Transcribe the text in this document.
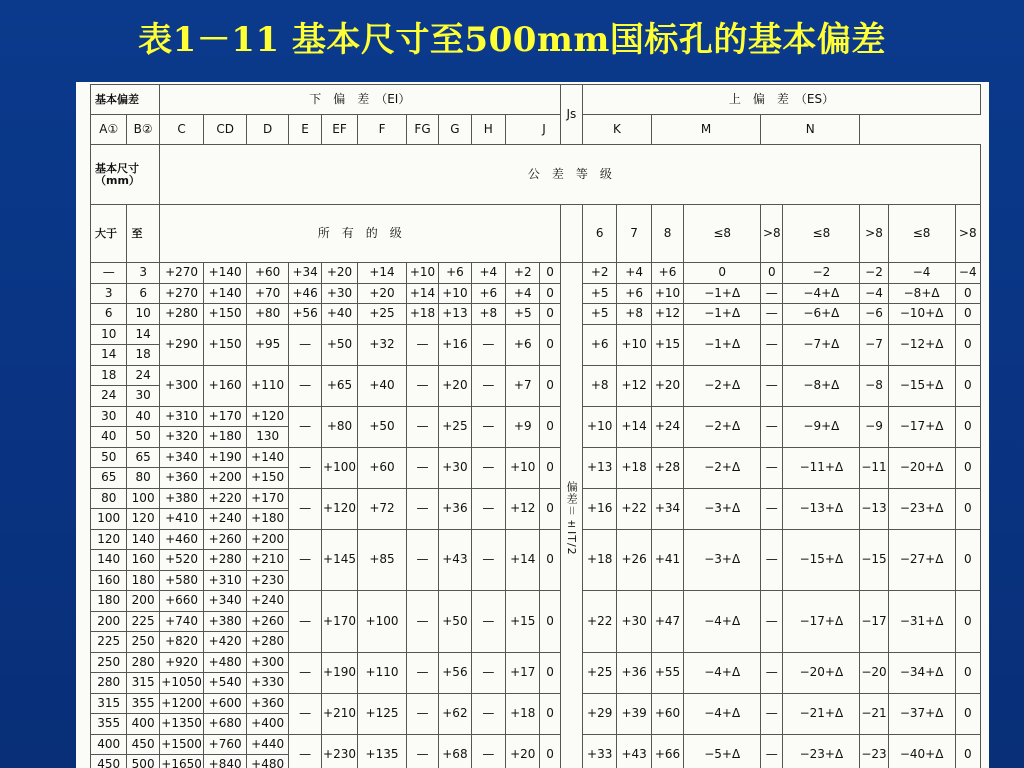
表1－11 基本尺寸至500mm国标孔的基本偏差
基本偏差		下　偏　差　（EI）											Js	上　偏　差　（ES）								
A①	B②	C	CD	D	E	EF	F	FG	G	H	J			K		M		N				

基本尺寸
（mm）		公　差　等　级																				
大于	至	所　有　的　级												6	7	8	≤8	>8	≤8	>8	≤8	>8
—	3	+270	+140	+60	+34	+20	+14	+10	+6	+4	+2	0	偏差＝±IT/2	+2	+4	+6	0	0	−2	−2	−4	−4
3	6	+270	+140	+70	+46	+30	+20	+14	+10	+6	+4	0		+5	+6	+10	−1+Δ	—	−4+Δ	−4	−8+Δ	0
6	10	+280	+150	+80	+56	+40	+25	+18	+13	+8	+5	0		+5	+8	+12	−1+Δ	—	−6+Δ	−6	−10+Δ	0
10	14	+290	+150	+95	—	+50	+32	—	+16	—	+6	0		+6	+10	+15	−1+Δ	—	−7+Δ	−7	−12+Δ	0
14	18																					
18	24	+300	+160	+110	—	+65	+40	—	+20	—	+7	0		+8	+12	+20	−2+Δ	—	−8+Δ	−8	−15+Δ	0
24	30																					
30	40	+310	+170	+120	—	+80	+50	—	+25	—	+9	0		+10	+14	+24	−2+Δ	—	−9+Δ	−9	−17+Δ	0
40	50	+320	+180	130																		
50	65	+340	+190	+140	—	+100	+60	—	+30	—	+10	0		+13	+18	+28	−2+Δ	—	−11+Δ	−11	−20+Δ	0
65	80	+360	+200	+150																		
80	100	+380	+220	+170	—	+120	+72	—	+36	—	+12	0		+16	+22	+34	−3+Δ	—	−13+Δ	−13	−23+Δ	0
100	120	+410	+240	+180																		
120	140	+460	+260	+200	—	+145	+85	—	+43	—	+14	0		+18	+26	+41	−3+Δ	—	−15+Δ	−15	−27+Δ	0
140	160	+520	+280	+210																		
160	180	+580	+310	+230																		
180	200	+660	+340	+240	—	+170	+100	—	+50	—	+15	0		+22	+30	+47	−4+Δ	—	−17+Δ	−17	−31+Δ	0
200	225	+740	+380	+260																		
225	250	+820	+420	+280																		
250	280	+920	+480	+300	—	+190	+110	—	+56	—	+17	0		+25	+36	+55	−4+Δ	—	−20+Δ	−20	−34+Δ	0
280	315	+1050	+540	+330																		
315	355	+1200	+600	+360	—	+210	+125	—	+62	—	+18	0		+29	+39	+60	−4+Δ	—	−21+Δ	−21	−37+Δ	0
355	400	+1350	+680	+400																		
400	450	+1500	+760	+440	—	+230	+135	—	+68	—	+20	0		+33	+43	+66	−5+Δ	—	−23+Δ	−23	−40+Δ	0
450	500	+1650	+840	+480																		
